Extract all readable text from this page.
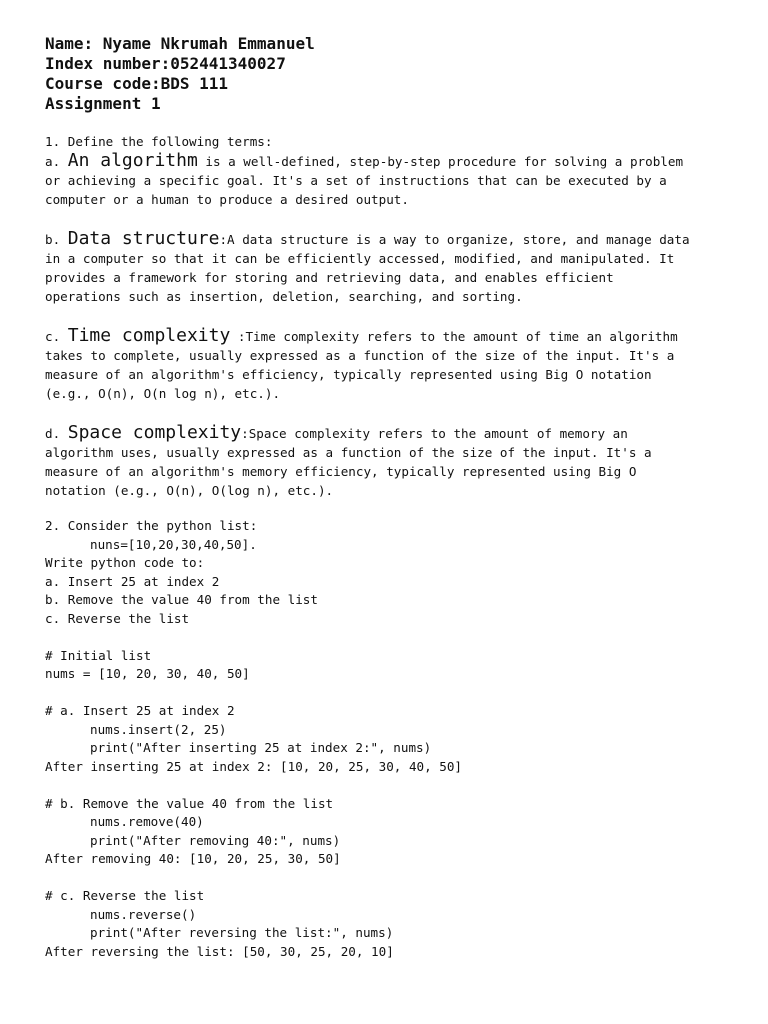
Name: Nyame Nkrumah Emmanuel
Index number:052441340027
Course code:BDS 111
Assignment 1
1. Define the following terms:
a. An algorithm is a well-defined, step-by-step procedure for solving a problem
or achieving a specific goal. It's a set of instructions that can be executed by a
computer or a human to produce a desired output.
b. Data structure:A data structure is a way to organize, store, and manage data
in a computer so that it can be efficiently accessed, modified, and manipulated. It
provides a framework for storing and retrieving data, and enables efficient
operations such as insertion, deletion, searching, and sorting.
c. Time complexity :Time complexity refers to the amount of time an algorithm
takes to complete, usually expressed as a function of the size of the input. It's a
measure of an algorithm's efficiency, typically represented using Big O notation
(e.g., O(n), O(n log n), etc.).
d. Space complexity:Space complexity refers to the amount of memory an
algorithm uses, usually expressed as a function of the size of the input. It's a
measure of an algorithm's memory efficiency, typically represented using Big O
notation (e.g., O(n), O(log n), etc.).
2. Consider the python list:
nuns=[10,20,30,40,50].
Write python code to:
a. Insert 25 at index 2
b. Remove the value 40 from the list
c. Reverse the list
# Initial list
nums = [10, 20, 30, 40, 50]
# a. Insert 25 at index 2
nums.insert(2, 25)
print("After inserting 25 at index 2:", nums)
After inserting 25 at index 2: [10, 20, 25, 30, 40, 50]
# b. Remove the value 40 from the list
nums.remove(40)
print("After removing 40:", nums)
After removing 40: [10, 20, 25, 30, 50]
# c. Reverse the list
nums.reverse()
print("After reversing the list:", nums)
After reversing the list: [50, 30, 25, 20, 10]
